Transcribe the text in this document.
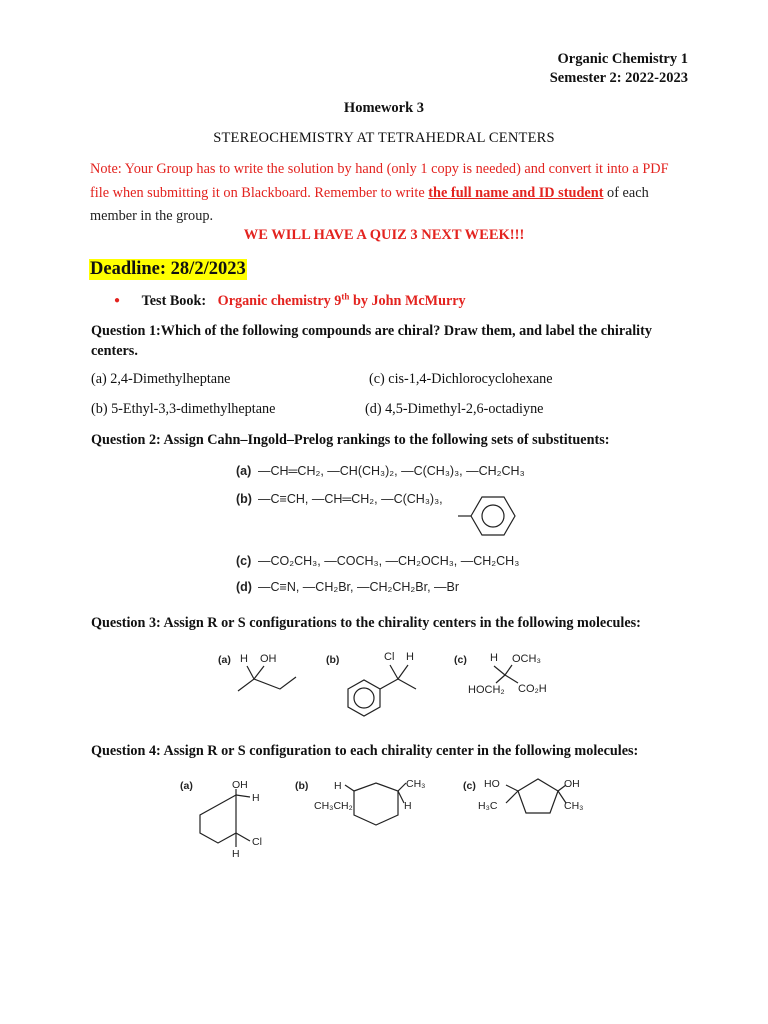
Organic Chemistry 1
Semester 2: 2022-2023
Homework 3
STEREOCHEMISTRY AT TETRAHEDRAL CENTERS
Note: Your Group has to write the solution by hand (only 1 copy is needed) and convert it into a PDF file when submitting it on Blackboard. Remember to write the full name and ID student of each member in the group.
WE WILL HAVE A QUIZ 3 NEXT WEEK!!!
Deadline: 28/2/2023
● Test Book: Organic chemistry 9th by John McMurry
Question 1:Which of the following compounds are chiral? Draw them, and label the chirality centers.
(a) 2,4-Dimethylheptane	(c) cis-1,4-Dichlorocyclohexane
(b) 5-Ethyl-3,3-dimethylheptane	(d) 4,5-Dimethyl-2,6-octadiyne
Question 2: Assign Cahn–Ingold–Prelog rankings to the following sets of substituents:
(a) —CH═CH₂, —CH(CH₃)₂, —C(CH₃)₃, —CH₂CH₃
(b) —C≡CH, —CH═CH₂, —C(CH₃)₃,
(c) —CO₂CH₃, —COCH₃, —CH₂OCH₃, —CH₂CH₃
(d) —C≡N, —CH₂Br, —CH₂CH₂Br, —Br
Question 3: Assign R or S configurations to the chirality centers in the following molecules:
(a) H OH	(b)	Cl H	(c) H OCH₃
HOCH₂ CO₂H
Question 4: Assign R or S configuration to each chirality center in the following molecules:
(a)	OH
H
Cl
H
(b) H	CH₃
CH₃CH₂	H
(c) HO	OH
H₃C	CH₃
